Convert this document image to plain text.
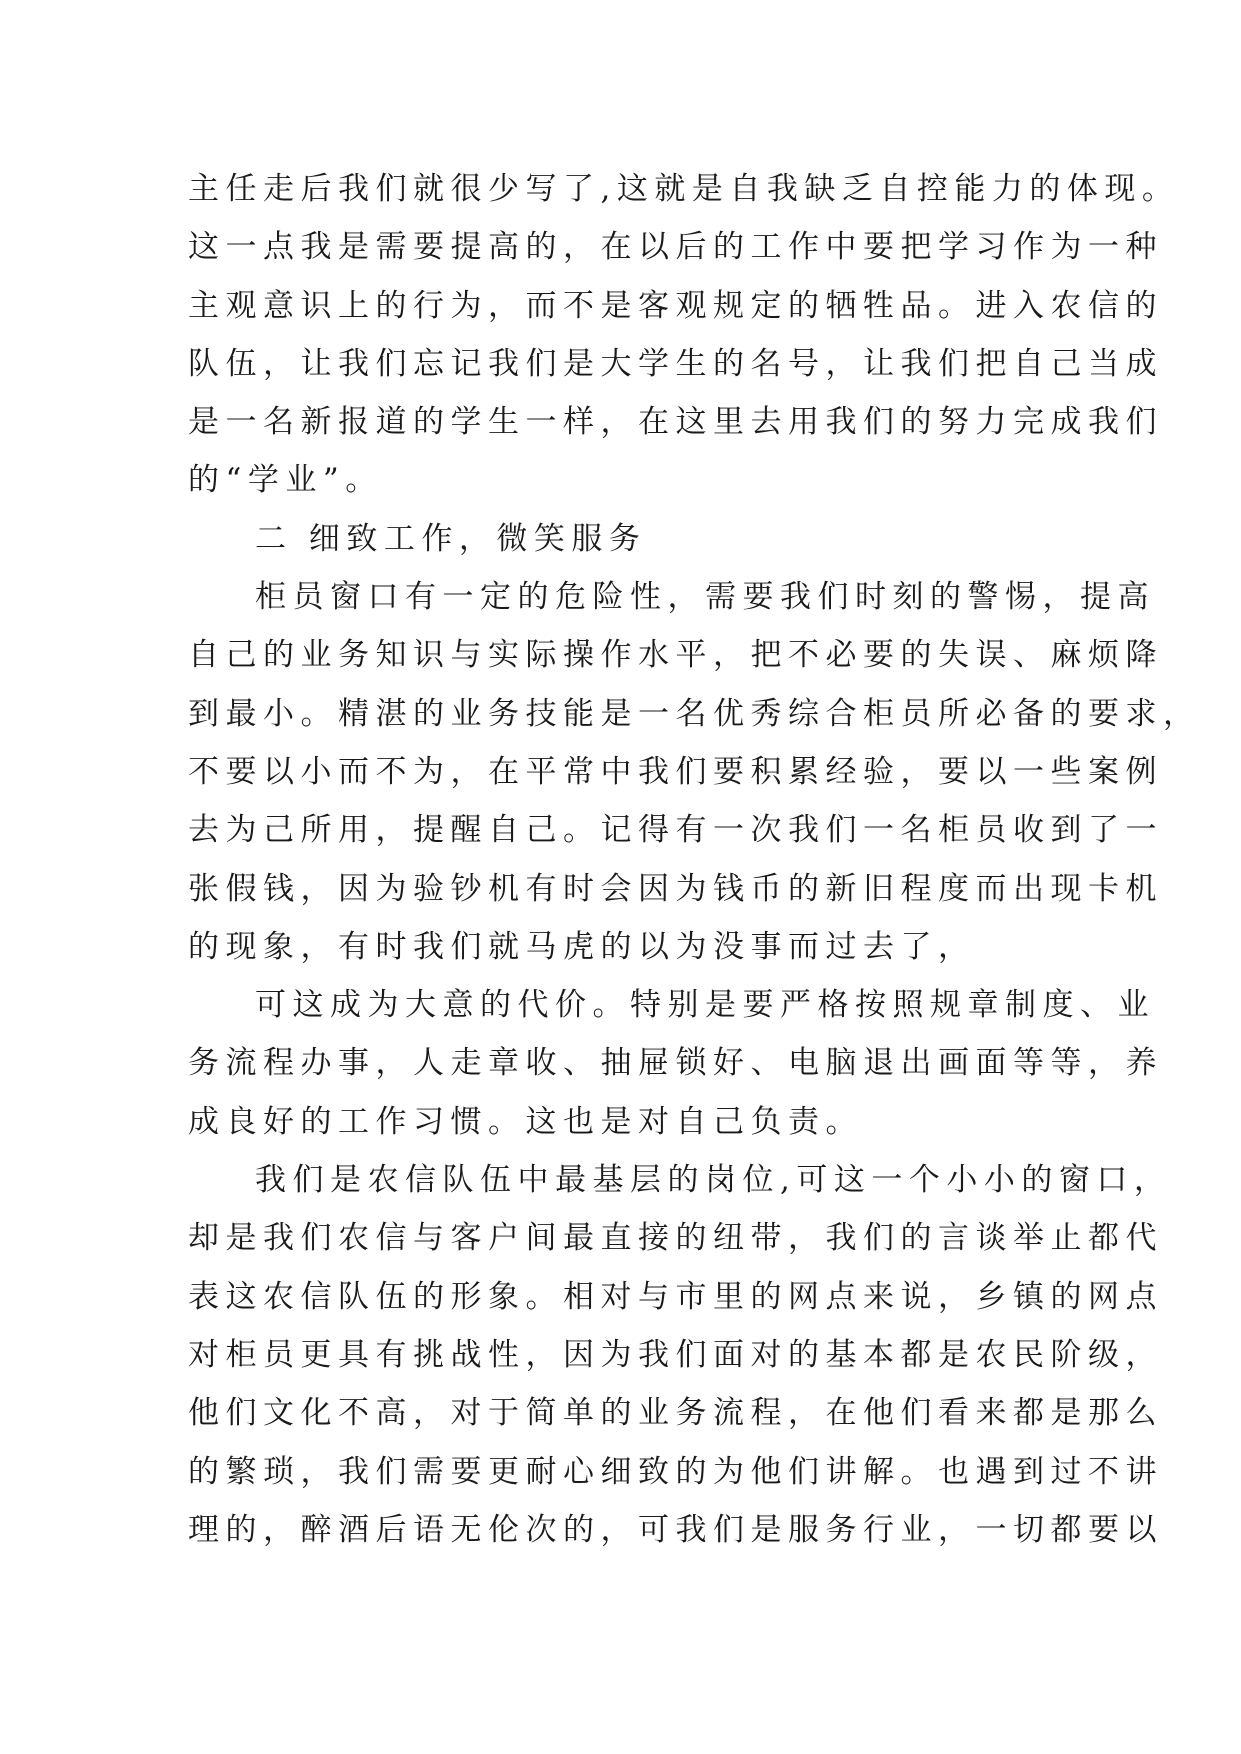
主任走后我们就很少写了,这就是自我缺乏自控能力的体现。
这一点我是需要提高的，在以后的工作中要把学习作为一种
主观意识上的行为，而不是客观规定的牺牲品。进入农信的
队伍，让我们忘记我们是大学生的名号，让我们把自己当成
是一名新报道的学生一样，在这里去用我们的努力完成我们
的“学业”。
二 细致工作，微笑服务
柜员窗口有一定的危险性，需要我们时刻的警惕，提高
自己的业务知识与实际操作水平，把不必要的失误、麻烦降
到最小。精湛的业务技能是一名优秀综合柜员所必备的要求，
不要以小而不为，在平常中我们要积累经验，要以一些案例
去为己所用，提醒自己。记得有一次我们一名柜员收到了一
张假钱，因为验钞机有时会因为钱币的新旧程度而出现卡机
的现象，有时我们就马虎的以为没事而过去了，
可这成为大意的代价。特别是要严格按照规章制度、业
务流程办事，人走章收、抽屉锁好、电脑退出画面等等，养
成良好的工作习惯。这也是对自己负责。
我们是农信队伍中最基层的岗位,可这一个小小的窗口，
却是我们农信与客户间最直接的纽带，我们的言谈举止都代
表这农信队伍的形象。相对与市里的网点来说，乡镇的网点
对柜员更具有挑战性，因为我们面对的基本都是农民阶级，
他们文化不高，对于简单的业务流程，在他们看来都是那么
的繁琐，我们需要更耐心细致的为他们讲解。也遇到过不讲
理的，醉酒后语无伦次的，可我们是服务行业，一切都要以
